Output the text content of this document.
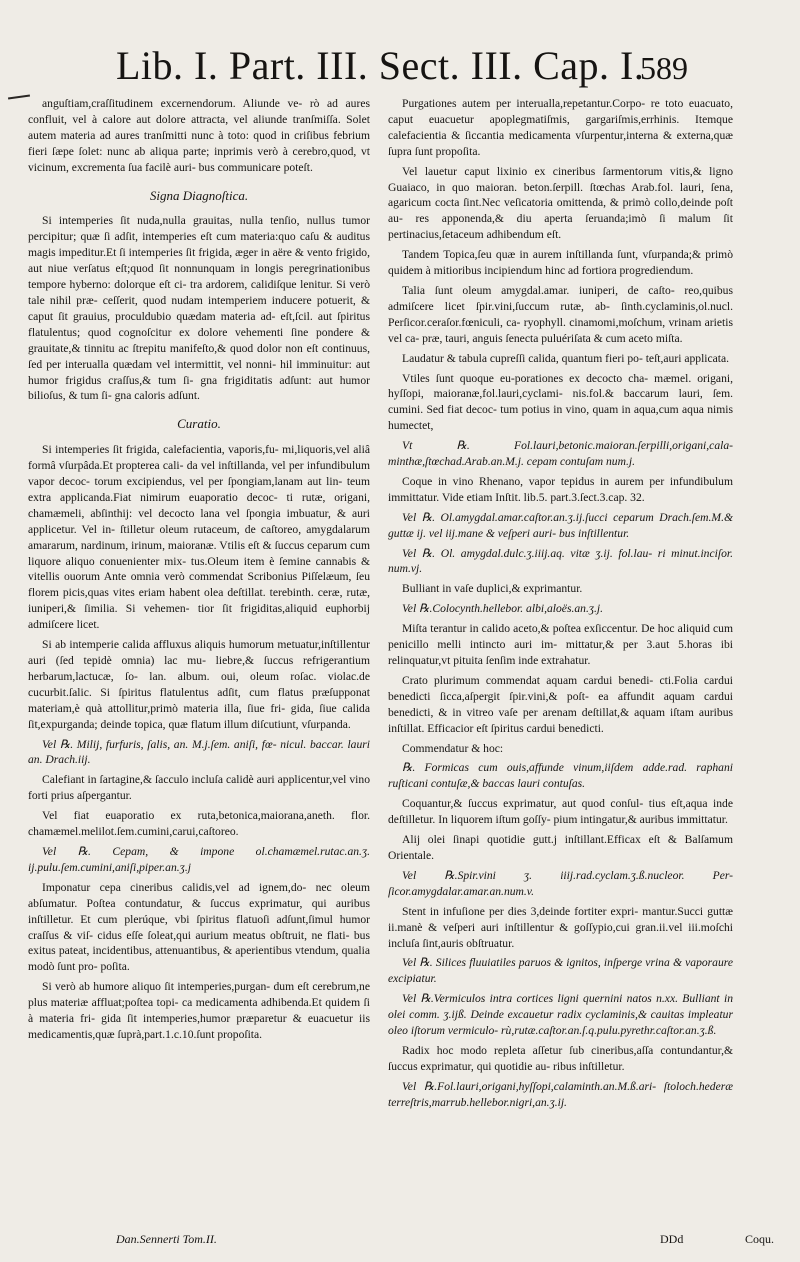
Lib. I. Part. III. Sect. III. Cap. I.
589

anguſtiam,craſſitudinem excernendorum. Aliunde ve- rò ad aures confluit, vel à calore aut dolore attracta, vel aliunde tranſmiſſa. Solet autem materia ad aures tranſmitti nunc à toto: quod in criſibus febrium fieri ſæpe ſolet: nunc ab aliqua parte; inprimis verò à cerebro,quod, vt vicinum, excrementa ſua facilè auri- bus communicare poteſt.

Signa Diagnoſtica.

Si intemperies ſit nuda,nulla grauitas, nulla tenſio, nullus tumor percipitur; quæ ſi adſit, intemperies eſt cum materia:quo caſu & auditus magis impeditur.Et ſi intemperies ſit frigida, æger in aëre & vento frigido, aut niue verſatus eſt;quod ſit nonnunquam in longis peregrinationibus tempore hyberno: dolorque eſt ci- tra ardorem, calidiſque lenitur. Si verò tale nihil præ- ceſſerit, quod nudam intemperiem inducere potuerit, & caput ſit grauius, proculdubio quædam materia ad- eſt,ſcil. aut ſpiritus flatulentus; quod cognoſcitur ex dolore vehementi ſine pondere & grauitate,& tinnitu ac ſtrepitu manifeſto,& quod dolor non eſt continuus, ſed per interualla quædam vel intermittit, vel nonni- hil imminuitur: aut humor frigidus craſſus,& tum ſi- gna frigiditatis adſunt: aut humor bilioſus, & tum ſi- gna caloris adſunt.

Curatio.

Si intemperies ſit frigida, calefacientia, vaporis,fu- mi,liquoris,vel aliâ formâ vſurpâda.Et propterea cali- da vel inſtillanda, vel per infundibulum vapor decoc- torum excipiendus, vel per ſpongiam,lanam aut lin- teum extra applicanda.Fiat nimirum euaporatio decoc- ti rutæ, origani, chamæmeli, abſinthij: vel decocto lana vel ſpongia imbuatur, & auri applicetur. Vel in- ſtilletur oleum rutaceum, de caſtoreo, amygdalarum amararum, nardinum, irinum, maioranæ. Vtilis eſt & ſuccus ceparum cum liquore aliquo conuenienter mix- tus.Oleum item è ſemine cannabis & vitellis ouorum Ante omnia verò commendat Scribonius Piſſelæum, ſeu florem picis,quas vites eriam habent olea deſtillat. terebinth. ceræ, rutæ, iuniperi,& ſimilia. Si vehemen- tior ſit frigiditas,aliquid euphorbij admiſcere licet.

Si ab intemperie calida affluxus aliquis humorum metuatur,inſtillentur auri (ſed tepidè omnia) lac mu- liebre,& ſuccus refrigerantium herbarum,lactucæ, ſo- lan. album. oui, oleum roſac. violac.de cucurbit.ſalic. Si ſpiritus flatulentus adſit, cum flatus præſupponat materiam,è quà attollitur,primò materia illa, ſiue fri- gida, ſiue calida ſit,expurganda; deinde topica, quæ flatum illum diſcutiunt, vſurpanda.

Vel ℞. Milij, furfuris, ſalis, an. M.j.ſem. aniſi, fœ- nicul. baccar. lauri an. Drach.iij.

Calefiant in ſartagine,& ſacculo incluſa calidè auri applicentur,vel vino forti prius aſpergantur.

Vel fiat euaporatio ex ruta,betonica,maiorana,aneth. flor. chamæmel.melilot.ſem.cumini,carui,caſtoreo.

Vel ℞. Cepam, & impone ol.chamæmel.rutac.an.ʒ. ij.pulu.ſem.cumini,aniſi,piper.an.ʒ.j

Imponatur cepa cineribus calidis,vel ad ignem,do- nec oleum abſumatur. Poſtea contundatur, & ſuccus exprimatur, qui auribus inſtilletur. Et cum plerúque, vbi ſpiritus flatuoſi adſunt,ſimul humor craſſus & viſ- cidus eſſe ſoleat,qui aurium meatus obſtruit, ne flati- bus exitus pateat, incidentibus, attenuantibus, & aperientibus vtendum, qualia modò ſunt pro- poſita.

Si verò ab humore aliquo ſit intemperies,purgan- dum eſt cerebrum,ne plus materiæ affluat;poſtea topi- ca medicamenta adhibenda.Et quidem ſi à materia fri- gida ſit intemperies,humor præparetur & euacuetur iis medicamentis,quæ ſuprà,part.1.c.10.ſunt propoſita.

Purgationes autem per interualla,repetantur.Corpo- re toto euacuato, caput euacuetur apoplegmatiſmis, gargariſmis,errhinis. Itemque calefacientia & ſiccantia medicamenta vſurpentur,interna & externa,quæ ſupra ſunt propoſita.

Vel lauetur caput lixinio ex cineribus ſarmentorum vitis,& ligno Guaiaco, in quo maioran. beton.ſerpill. ſtœchas Arab.fol. lauri, ſena, agaricum cocta ſint.Nec veſicatoria omittenda, & primò collo,deinde poſt au- res apponenda,& diu aperta ſeruanda;imò ſi malum ſit pertinacius,ſetaceum adhibendum eſt.

Tandem Topica,ſeu quæ in aurem inſtillanda ſunt, vſurpanda;& primò quidem à mitioribus incipiendum hinc ad fortiora progrediendum.

Talia ſunt oleum amygdal.amar. iuniperi, de caſto- reo,quibus admiſcere licet ſpir.vini,ſuccum rutæ, ab- ſinth.cyclaminis,ol.nucl. Perſicor.ceraſor.fœniculi, ca- ryophyll. cinamomi,moſchum, vrinam arietis vel ca- præ, tauri, anguis ſenecta puluériſata & cum aceto miſta.

Laudatur & tabula cupreſſi calida, quantum fieri po- teſt,auri applicata.

Vtiles ſunt quoque eu-porationes ex decocto cha- mæmel. origani, hyſſopi, maioranæ,fol.lauri,cyclami- nis.fol.& baccarum lauri, ſem. cumini. Sed fiat decoc- tum potius in vino, quam in aqua,cum aqua nimis humectet,

Vt ℞. Fol.lauri,betonic.maioran.ſerpilli,origani,cala- minthæ,ſtœchad.Arab.an.M.j. cepam contuſam num.j.

Coque in vino Rhenano, vapor tepidus in aurem per infundibulum immittatur. Vide etiam Inſtit. lib.5. part.3.ſect.3.cap. 32.

Vel ℞. Ol.amygdal.amar.caſtor.an.ʒ.ij.ſucci ceparum Drach.ſem.M.& guttæ ij. vel iij.mane & veſperi auri- bus inſtillentur.

Vel ℞. Ol. amygdal.dulc.ʒ.iiij.aq. vitæ ʒ.ij. fol.lau- ri minut.inciſor. num.vj.

Bulliant in vaſe duplici,& exprimantur.

Vel ℞.Colocynth.hellebor. albi,aloës.an.ʒ.j.

Miſta terantur in calido aceto,& poſtea exſiccentur. De hoc aliquid cum penicillo melli intincto auri im- mittatur,& per 3.aut 5.horas ibi relinquatur,vt pituita ſenſim inde extrahatur.

Crato plurimum commendat aquam cardui benedi- cti.Folia cardui benedicti ſicca,aſpergit ſpir.vini,& poſt- ea affundit aquam cardui benedicti, & in vitreo vaſe per arenam deſtillat,& aquam iſtam auribus inſtillat. Efficacior eſt ſpiritus cardui benedicti.

Commendatur & hoc:

℞. Formicas cum ouis,affunde vinum,iiſdem adde.rad. raphani ruſticani contuſæ,& baccas lauri contuſas.

Coquantur,& ſuccus exprimatur, aut quod conſul- tius eſt,aqua inde deſtilletur. In liquorem iſtum goſſy- pium intingatur,& auribus immittatur.

Alij olei ſinapi quotidie gutt.j inſtillant.Efficax eſt & Balſamum Orientale.

Vel ℞.Spir.vini ʒ. iiij.rad.cyclam.ʒ.ß.nucleor. Per- ſicor.amygdalar.amar.an.num.v.

Stent in infuſione per dies 3,deinde fortiter expri- mantur.Succi guttæ ii.manè & veſperi auri inſtillentur & goſſypio,cui gran.ii.vel iii.moſchi incluſa ſint,auris obſtruatur.

Vel ℞. Silices fluuiatiles paruos & ignitos, inſperge vrina & vaporaure excipiatur.

Vel ℞.Vermiculos intra cortices ligni quernini natos n.xx. Bulliant in olei comm. ʒ.ijß. Deinde excauetur radix cyclaminis,& cauitas impleatur oleo iſtorum vermiculo- rù,rutæ.caſtor.an.ſ.q.pulu.pyrethr.caſtor.an.ʒ.ß.

Radix hoc modo repleta aſſetur ſub cineribus,aſſa contundantur,& ſuccus exprimatur, qui quotidie au- ribus inſtilletur.

Vel ℞.Fol.lauri,origani,hyſſopi,calaminth.an.M.ß.ari- ſtoloch.hederæ terreſtris,marrub.hellebor.nigri,an.ʒ.ij.

Dan.Sennerti Tom.II.	DDd	Coqu.
